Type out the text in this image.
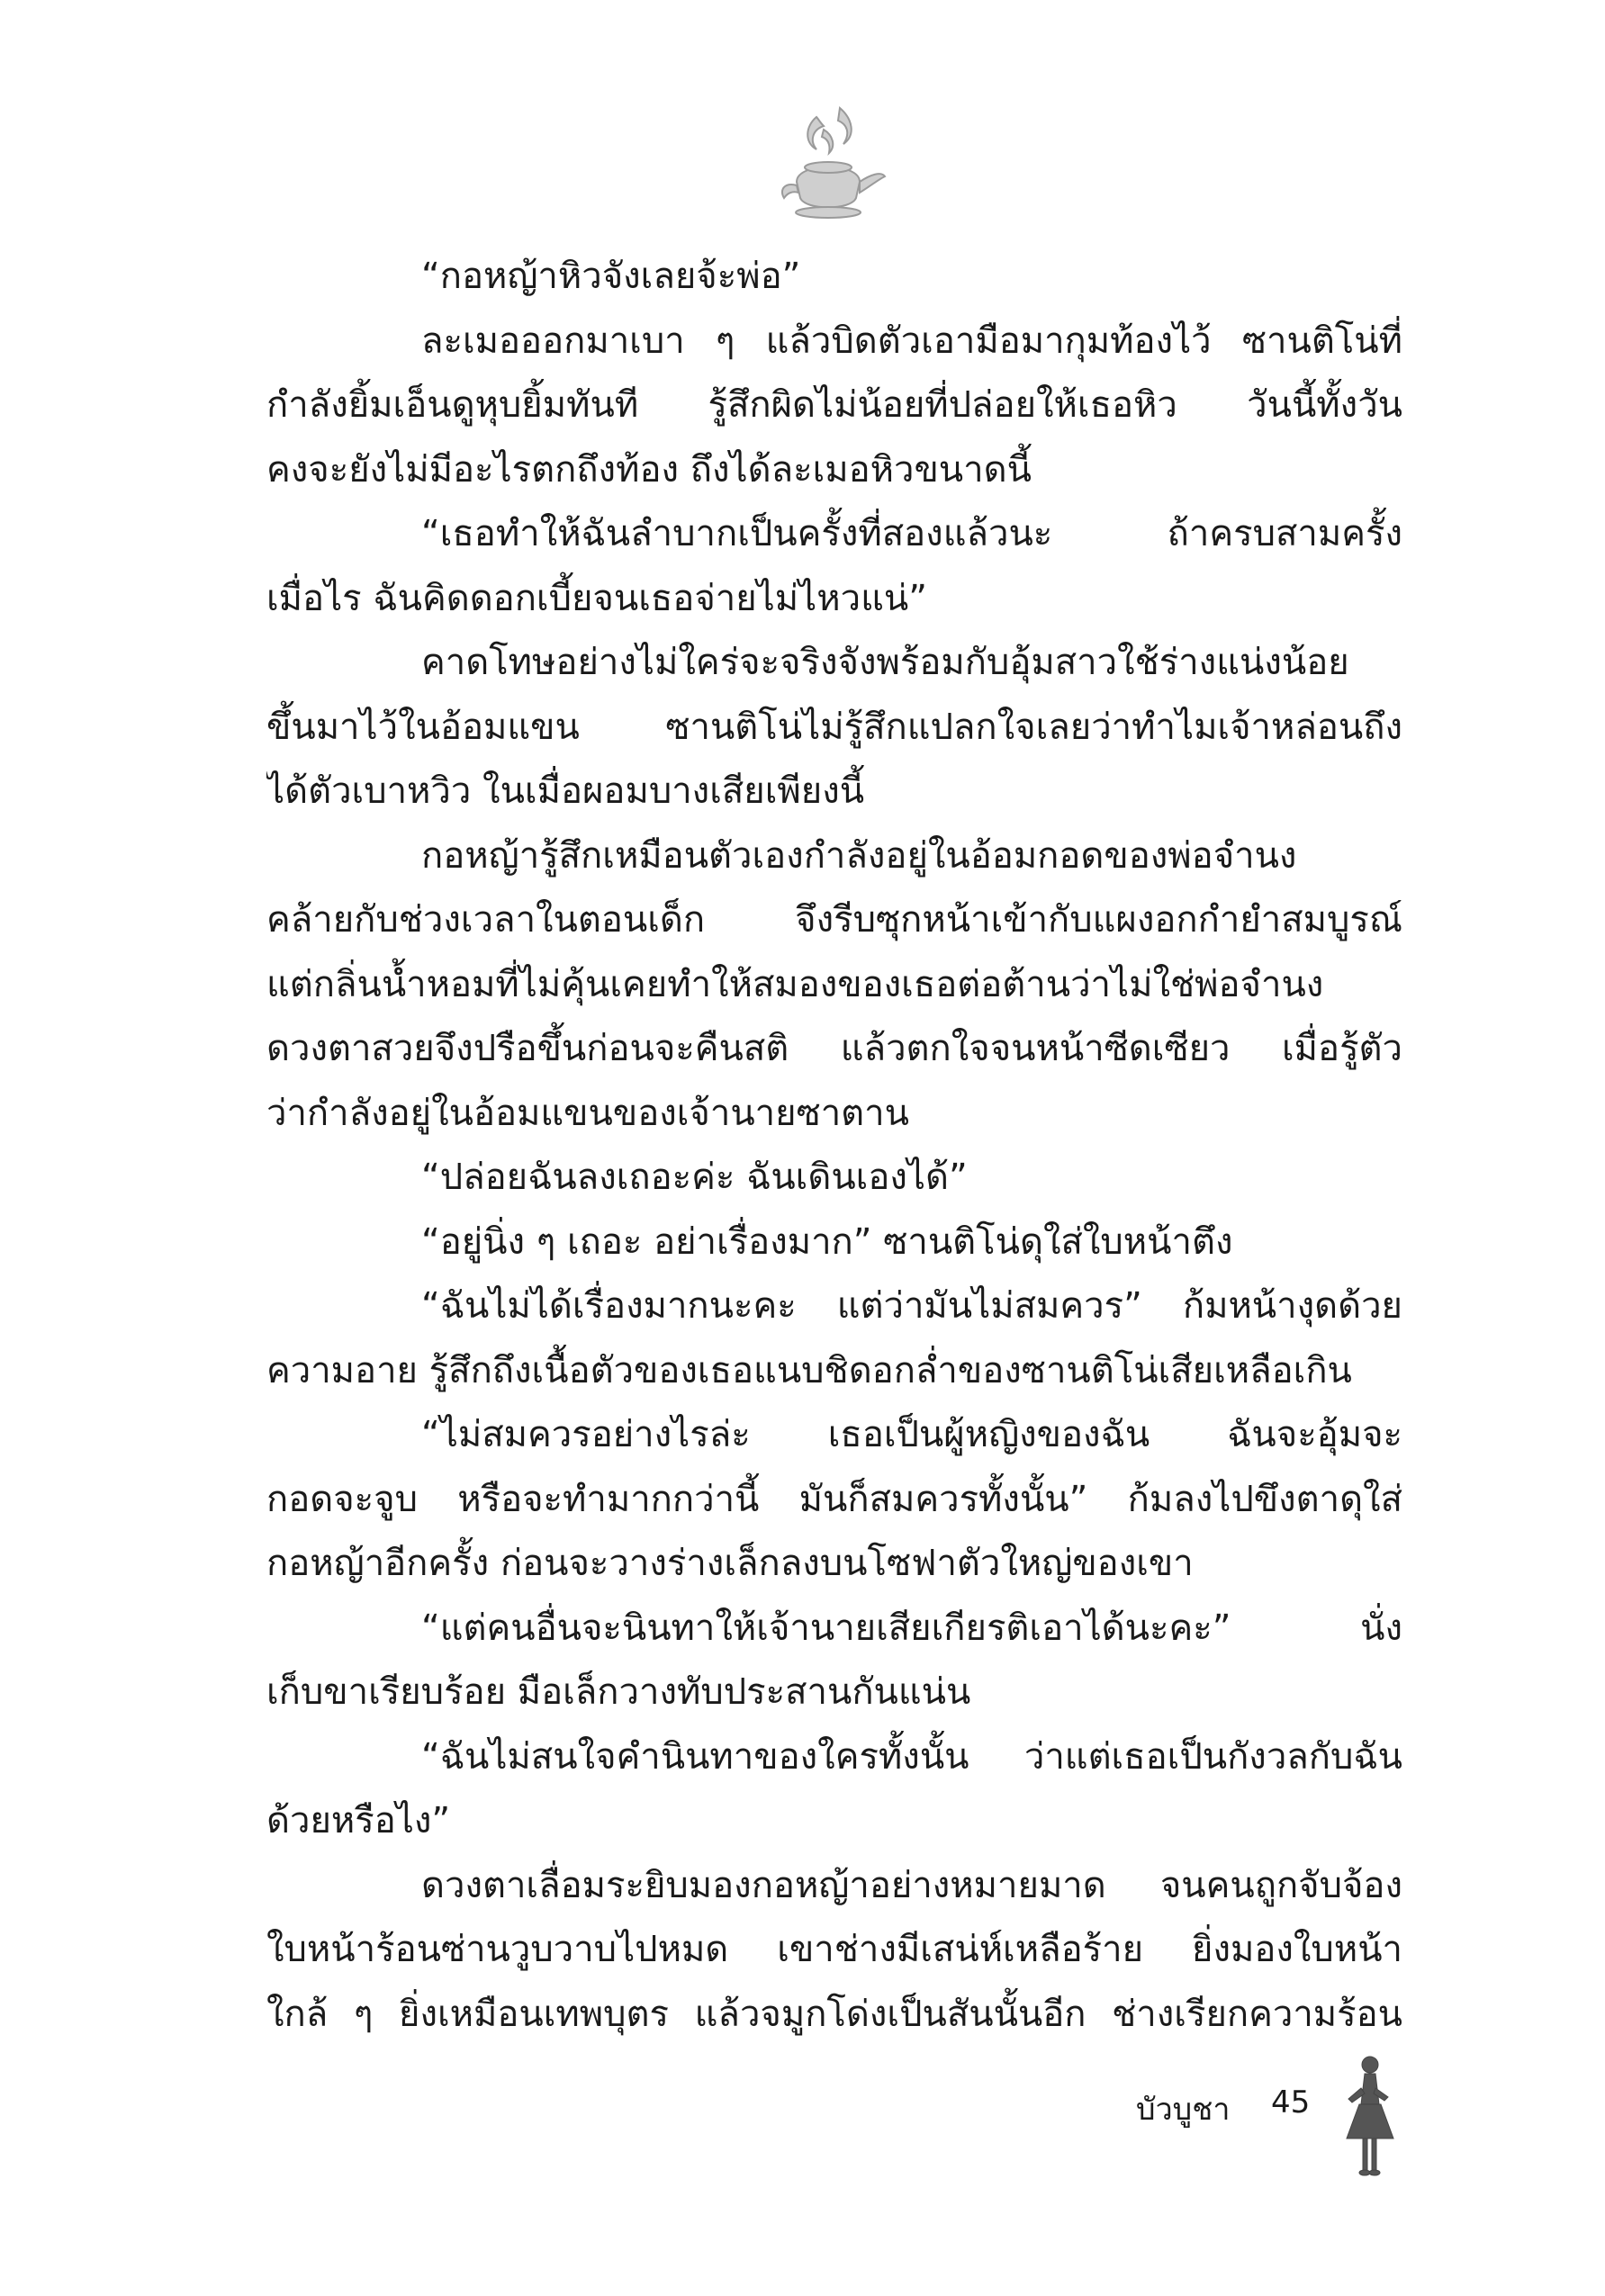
“กอหญ้าหิวจังเลยจ้ะพ่อ”
ละเมอออกมาเบา ๆ แล้วบิดตัวเอามือมากุมท้องไว้ ซานติโน่ที่
กำลังยิ้มเอ็นดูหุบยิ้มทันที รู้สึกผิดไม่น้อยที่ปล่อยให้เธอหิว วันนี้ทั้งวัน
คงจะยังไม่มีอะไรตกถึงท้อง ถึงได้ละเมอหิวขนาดนี้
“เธอทำให้ฉันลำบากเป็นครั้งที่สองแล้วนะ ถ้าครบสามครั้ง
เมื่อไร ฉันคิดดอกเบี้ยจนเธอจ่ายไม่ไหวแน่”
คาดโทษอย่างไม่ใคร่จะจริงจังพร้อมกับอุ้มสาวใช้ร่างแน่งน้อย
ขึ้นมาไว้ในอ้อมแขน ซานติโน่ไม่รู้สึกแปลกใจเลยว่าทำไมเจ้าหล่อนถึง
ได้ตัวเบาหวิว ในเมื่อผอมบางเสียเพียงนี้
กอหญ้ารู้สึกเหมือนตัวเองกำลังอยู่ในอ้อมกอดของพ่อจำนง
คล้ายกับช่วงเวลาในตอนเด็ก จึงรีบซุกหน้าเข้ากับแผงอกกำยำสมบูรณ์
แต่กลิ่นน้ำหอมที่ไม่คุ้นเคยทำให้สมองของเธอต่อต้านว่าไม่ใช่พ่อจำนง
ดวงตาสวยจึงปรือขึ้นก่อนจะคืนสติ แล้วตกใจจนหน้าซีดเซียว เมื่อรู้ตัว
ว่ากำลังอยู่ในอ้อมแขนของเจ้านายซาตาน
“ปล่อยฉันลงเถอะค่ะ ฉันเดินเองได้”
“อยู่นิ่ง ๆ เถอะ อย่าเรื่องมาก” ซานติโน่ดุใส่ใบหน้าตึง
“ฉันไม่ได้เรื่องมากนะคะ แต่ว่ามันไม่สมควร” ก้มหน้างุดด้วย
ความอาย รู้สึกถึงเนื้อตัวของเธอแนบชิดอกล่ำของซานติโน่เสียเหลือเกิน
“ไม่สมควรอย่างไรล่ะ เธอเป็นผู้หญิงของฉัน ฉันจะอุ้มจะ
กอดจะจูบ หรือจะทำมากกว่านี้ มันก็สมควรทั้งนั้น” ก้มลงไปขึงตาดุใส่
กอหญ้าอีกครั้ง ก่อนจะวางร่างเล็กลงบนโซฟาตัวใหญ่ของเขา
“แต่คนอื่นจะนินทาให้เจ้านายเสียเกียรติเอาได้นะคะ” นั่ง
เก็บขาเรียบร้อย มือเล็กวางทับประสานกันแน่น
“ฉันไม่สนใจคำนินทาของใครทั้งนั้น ว่าแต่เธอเป็นกังวลกับฉัน
ด้วยหรือไง”
ดวงตาเลื่อมระยิบมองกอหญ้าอย่างหมายมาด จนคนถูกจับจ้อง
ใบหน้าร้อนซ่านวูบวาบไปหมด เขาช่างมีเสน่ห์เหลือร้าย ยิ่งมองใบหน้า
ใกล้ ๆ ยิ่งเหมือนเทพบุตร แล้วจมูกโด่งเป็นสันนั้นอีก ช่างเรียกความร้อน
บัวบูชา 45
